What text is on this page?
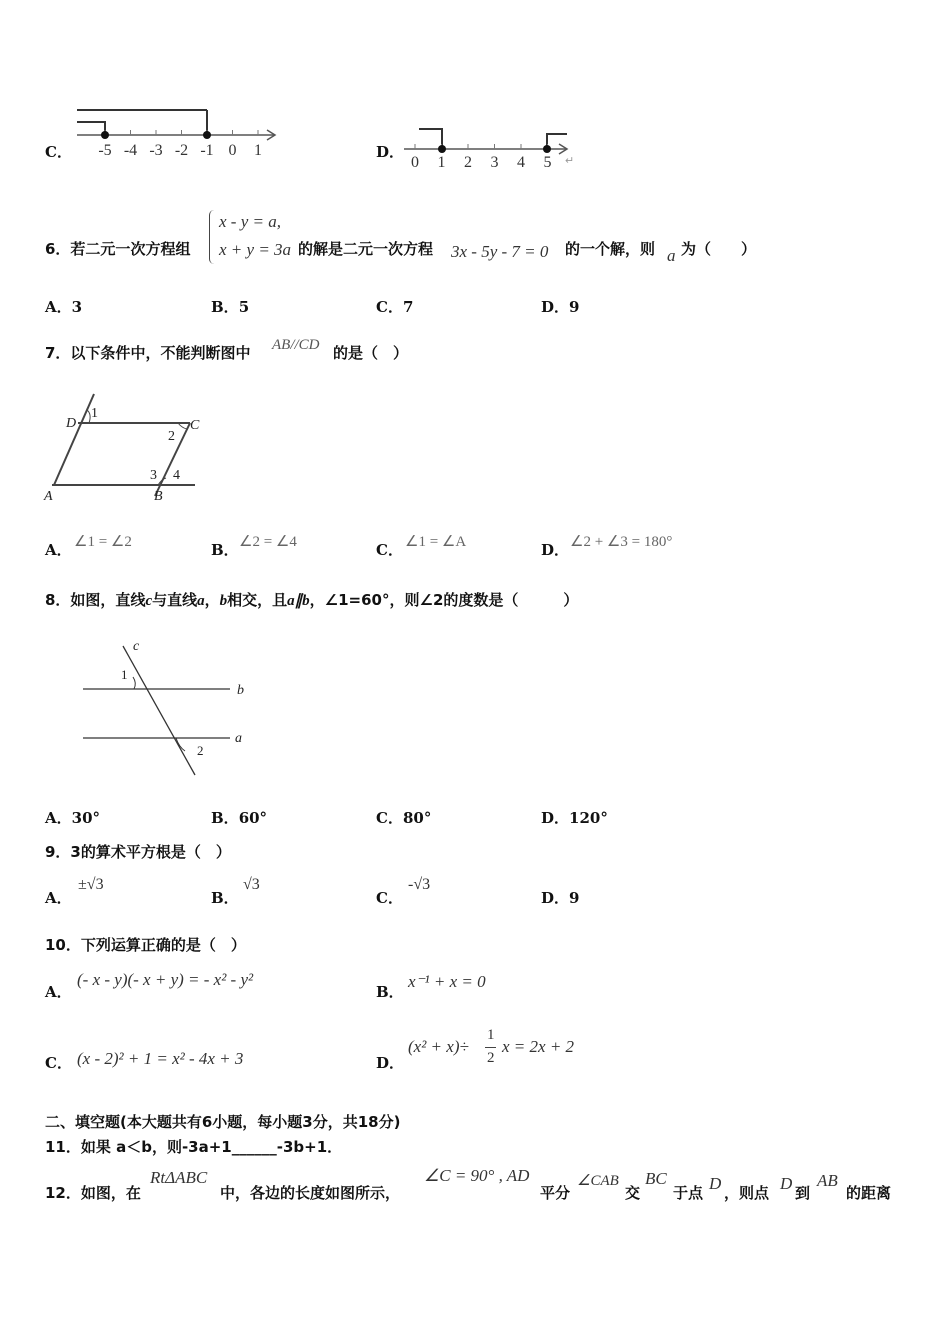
C． -5 -4 -3 -2 -1 0 1	D．
0 1 2 3 4 5 ↵
6．若二元一次方程组
x - y = a,
x + y = 3a 的解是二元一次方程 3x - 5y - 7 = 0 的一个解，则 a 为（　　）
A．3	B．5	C．7	D．9
7．以下条件中，不能判断图中 AB//CD 的是（　）
D
1
C
2
3 4
A	B
A． ∠1 = ∠2	B． ∠2 = ∠4	C． ∠1 = ∠A	D． ∠2 + ∠3 = 180°
8．如图，直线c与直线a，b相交，且a∥b，∠1=60°，则∠2的度数是（　　　）
c
b
a
1
2
A．30°	B．60°	C．80°	D．120°
9．3的算术平方根是（　）
A．
±√3
B．
√3
C．
-√3
D．9
10．下列运算正确的是（　）
A．
(- x - y)(- x + y) = - x² - y²
B．
x⁻¹ + x = 0
C． (x - 2)² + 1 = x² - 4x + 3	D．
(x² + x)÷
1
2
x = 2x + 2
二、填空题(本大题共有6小题，每小题3分，共18分)
11．如果 a＜b，则-3a+1______-3b+1．
12．如图，在
RtΔABC
中，各边的长度如图所示，
∠C = 90° , AD
平分
∠CAB
交
BC
于点 D ，则点 D 到
AB
的距离
